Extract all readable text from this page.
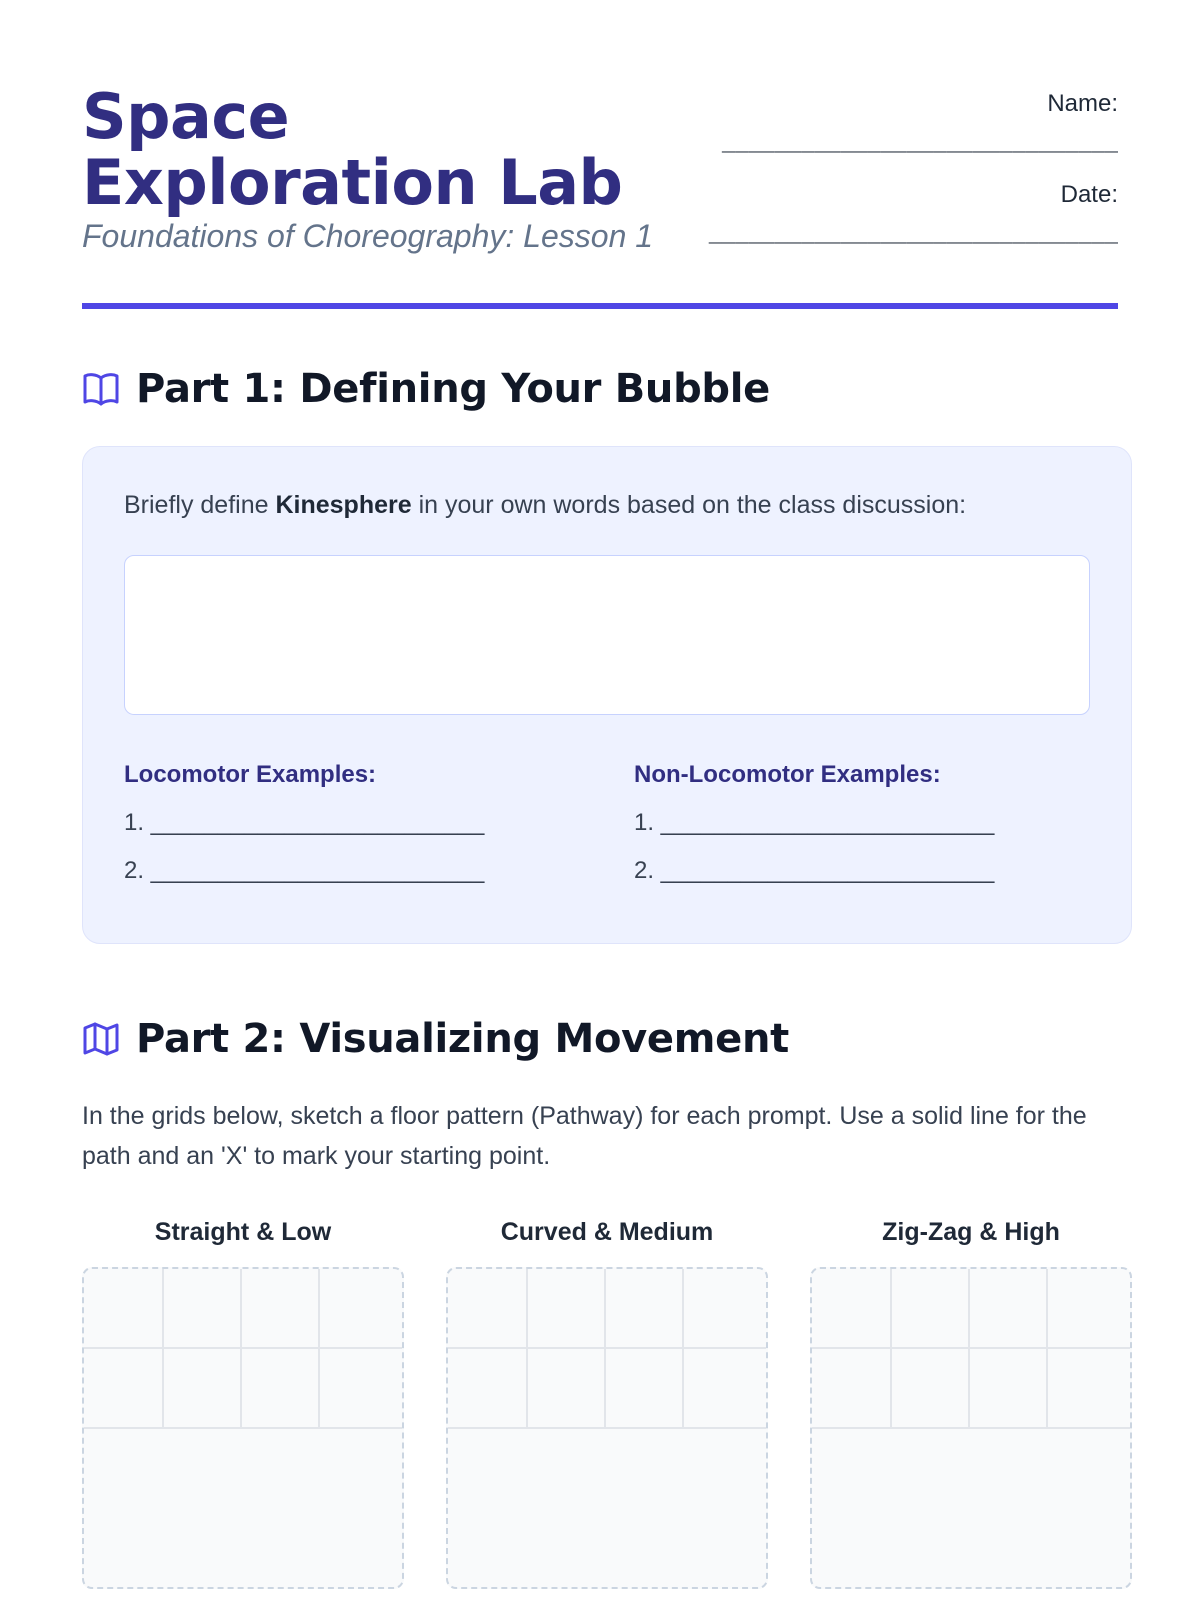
Space Exploration Lab
Foundations of Choreography: Lesson 1
Name:
______________________________
Date:
_______________________________
Part 1: Defining Your Bubble
Briefly define Kinesphere in your own words based on the class discussion:
Locomotor Examples:
1. _________________________
2. _________________________
Non-Locomotor Examples:
1. _________________________
2. _________________________
Part 2: Visualizing Movement

In the grids below, sketch a floor pattern (Pathway) for each prompt. Use a solid line for the path and an 'X' to mark your starting point.

Straight & Low	Curved & Medium	Zig-Zag & High
